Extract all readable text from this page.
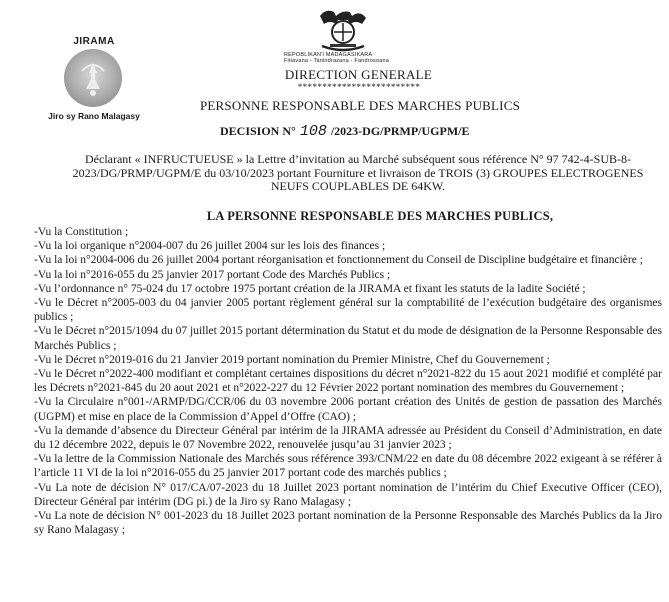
JIRAMA
Jiro sy Rano Malagasy
REPOBLIKAN'I MADAGASIKARA
Fitiavana - Tanindrazana - Fandrosoana
DIRECTION GENERALE
*************************
PERSONNE RESPONSABLE DES MARCHES PUBLICS
DECISION N° 108 /2023-DG/PRMP/UGPM/E
Déclarant « INFRUCTUEUSE » la Lettre d’invitation au Marché subséquent sous référence N° 97 742-4-SUB-8-2023/DG/PRMP/UGPM/E du 03/10/2023 portant Fourniture et livraison de TROIS (3) GROUPES ELECTROGENES NEUFS COUPLABLES DE 64KW.
LA PERSONNE RESPONSABLE DES MARCHES PUBLICS,
-Vu la Constitution ;
-Vu la loi organique n°2004-007 du 26 juillet 2004 sur les lois des finances ;
-Vu la loi n°2004-006 du 26 juillet 2004 portant réorganisation et fonctionnement du Conseil de Discipline budgétaire et financière ;
-Vu la loi n°2016-055 du 25 janvier 2017 portant Code des Marchés Publics ;
-Vu l’ordonnance n° 75-024 du 17 octobre 1975 portant création de la JIRAMA et fixant les statuts de la ladite Société ;
-Vu le Décret n°2005-003 du 04 janvier 2005 portant règlement général sur la comptabilité de l’exécution budgétaire des organismes publics ;
-Vu le Décret n°2015/1094 du 07 juillet 2015 portant détermination du Statut et du mode de désignation de la Personne Responsable des Marchés Publics ;
-Vu le Décret n°2019-016 du 21 Janvier 2019 portant nomination du Premier Ministre, Chef du Gouvernement ;
-Vu le Décret n°2022-400 modifiant et complétant certaines dispositions du décret n°2021-822 du 15 aout 2021 modifié et complété par les Décrets n°2021-845 du 20 aout 2021 et n°2022-227 du 12 Février 2022 portant nomination des membres du Gouvernement ;
-Vu la Circulaire n°001-/ARMP/DG/CCR/06 du 03 novembre 2006 portant création des Unités de gestion de passation des Marchés (UGPM) et mise en place de la Commission d’Appel d’Offre (CAO) ;
-Vu la demande d’absence du Directeur Général par intérim de la JIRAMA adressée au Président du Conseil d’Administration, en date du 12 décembre 2022, depuis le 07 Novembre 2022, renouvelée jusqu’au 31 janvier 2023 ;
-Vu la lettre de la Commission Nationale des Marchés sous référence 393/CNM/22 en date du 08 décembre 2022 exigeant à se référer à l’article 11 VI de la loi n°2016-055 du 25 janvier 2017 portant code des marchés publics ;
-Vu La note de décision N° 017/CA/07-2023 du 18 Juillet 2023 portant nomination de l’intérim du Chief Executive Officer (CEO), Directeur Général par intérim (DG pi.) de la Jiro sy Rano Malagasy ;
-Vu La note de décision N° 001-2023 du 18 Juillet 2023 portant nomination de la Personne Responsable des Marchés Publics da la Jiro sy Rano Malagasy ;
